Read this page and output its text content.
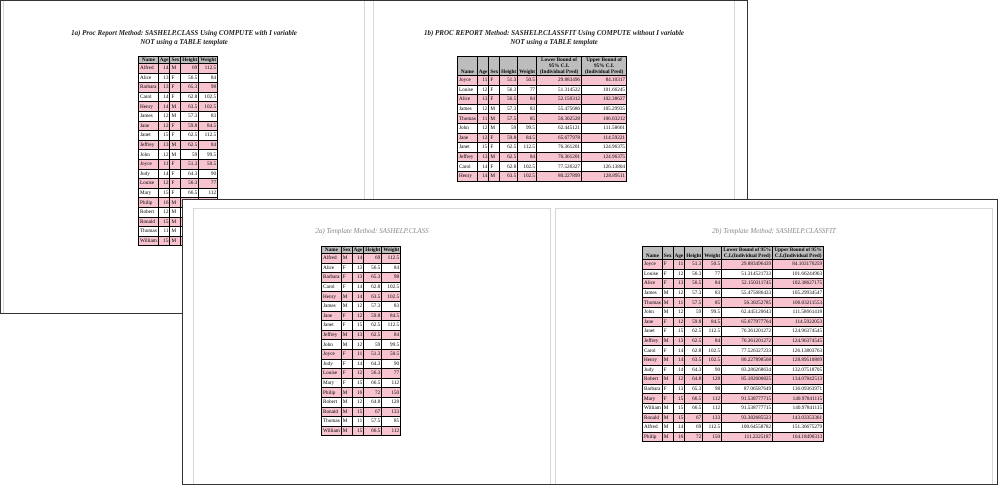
1a) Proc Report Method: SASHELP.CLASS Using COMPUTE with I variable
NOT using a TABLE template
Name	Age	Sex	Height	Weight
Alfred	14	M	69	112.5
Alice	13	F	56.5	84
Barbara	13	F	65.3	98
Carol	14	F	62.8	102.5
Henry	14	M	63.5	102.5
James	12	M	57.3	83
Jane	12	F	59.8	84.5
Janet	15	F	62.5	112.5
Jeffrey	13	M	62.5	84
John	12	M	59	99.5
Joyce	11	F	51.3	50.5
Judy	14	F	64.3	90
Louise	12	F	56.3	77
Mary	15	F	66.5	112
Philip	16	M		
Robert	12	M		
Ronald	15	M		
Thomas	11	M		
William	15	M		
1b) PROC REPORT Method: SASHELP.CLASSFIT Using COMPUTE without I variable
NOT using a TABLE template
Name	Age	Sex	Height	Weight	Lower Bound of 95% C.I.(Individual Pred)	Upper Bound of 95% C.I.(Individual Pred)
Joyce	11	F	51.3	50.5	29.883496	84.10317
Louise	12	F	56.3	77	51.314522	101.66245
Alice	13	F	56.5	84	52.150312	102.38627
James	12	M	57.3	83	55.475686	105.29935
Thomas	11	M	57.5	85	56.302528	106.03212
John	12	M	59	99.5	62.445121	111.58661
Jane	12	F	59.8	84.5	65.677978	114.59221
Janet	15	F	62.5	112.5	76.361201	124.96375
Jeffrey	13	M	62.5	84	76.361201	124.96375
Carol	14	F	62.8	102.5	77.526327	126.13804
Henry	14	M	63.5	102.5	80.227899	128.89511
2a) Template Method: SASHELP.CLASS
Name	Sex	Age	Height	Weight
Alfred	M	14	69	112.5
Alice	F	13	56.5	84
Barbara	F	13	65.3	98
Carol	F	14	62.8	102.5
Henry	M	14	63.5	102.5
James	M	12	57.3	83
Jane	F	12	59.8	84.5
Janet	F	15	62.5	112.5
Jeffrey	M	13	62.5	84
John	M	12	59	99.5
Joyce	F	11	51.3	50.5
Judy	F	14	64.3	90
Louise	F	12	56.3	77
Mary	F	15	66.5	112
Philip	M	16	72	150
Robert	M	12	64.8	128
Ronald	M	15	67	133
Thomas	M	11	57.5	85
William	M	15	66.5	112
2b) Template Method: SASHELP.CLASSFIT
Name	Sex	Age	Height	Weight	Lower Bound of 95% C.I.(Individual Pred)	Upper Bound of 95% C.I.(Individual Pred)
Joyce	F	11	51.3	50.5	29.883496439	84.103170259
Louise	F	12	56.3	77	51.314521733	101.66244963
Alice	F	13	56.5	84	52.150311745	102.38627175
James	M	12	57.3	83	55.475686433	105.29934547
Thomas	M	11	57.5	85	56.30252785	106.03211553
John	M	12	59	99.5	62.445120643	111.58661418
Jane	F	12	59.8	84.5	65.677977764	114.5922053
Janet	F	15	62.5	112.5	76.361201272	124.96374545
Jeffrey	M	13	62.5	84	76.361201272	124.96374545
Carol	F	14	62.8	102.5	77.526327233	126.13803763
Henry	M	14	63.5	102.5	80.227898568	128.89510869
Judy	F	14	64.3	90	83.286268634	132.07518705
Robert	M	12	64.8	128	85.182606825	134.07842513
Barbara	F	13	65.3	98	87.06587649	136.09363971
Mary	F	15	66.5	112	91.538777715	140.97841115
William	M	15	66.5	112	91.538777715	140.97841115
Ronald	M	15	67	133	93.382685523	143.03353361
Alfred	M	14	69	112.5	100.64558782	151.36675279
Philip	M	16	72	150	111.2225187	164.18490313
